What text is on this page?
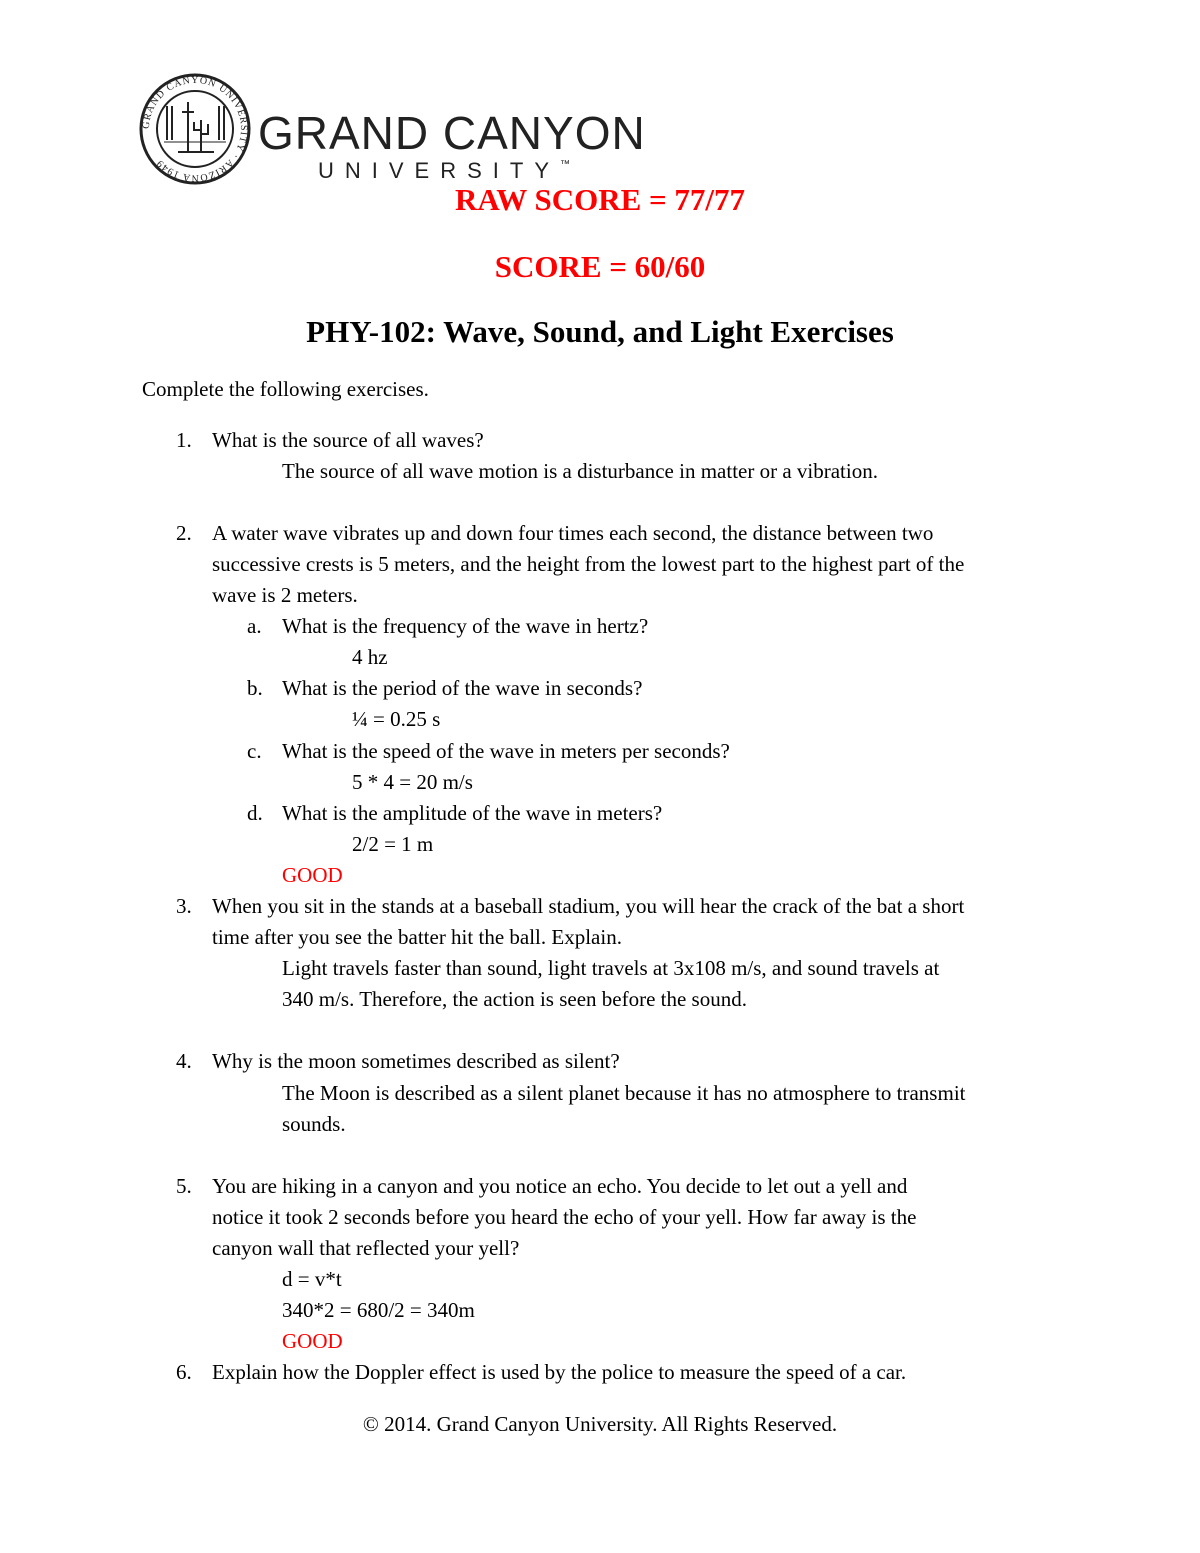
GRAND CANYON UNIVERSITY · ARIZONA 1949
GRAND CANYON
UNIVERSITY™
RAW SCORE = 77/77
SCORE = 60/60
PHY-102: Wave, Sound, and Light Exercises
Complete the following exercises.
1. What is the source of all waves?
The source of all wave motion is a disturbance in matter or a vibration.
2. A water wave vibrates up and down four times each second, the distance between two
successive crests is 5 meters, and the height from the lowest part to the highest part of the
wave is 2 meters.
a. What is the frequency of the wave in hertz?
4 hz
b. What is the period of the wave in seconds?
¼ = 0.25 s
c. What is the speed of the wave in meters per seconds?
5 * 4 = 20 m/s
d. What is the amplitude of the wave in meters?
2/2 = 1 m
GOOD
3. When you sit in the stands at a baseball stadium, you will hear the crack of the bat a short
time after you see the batter hit the ball. Explain.
Light travels faster than sound, light travels at 3x108 m/s, and sound travels at
340 m/s. Therefore, the action is seen before the sound.
4. Why is the moon sometimes described as silent?
The Moon is described as a silent planet because it has no atmosphere to transmit
sounds.
5. You are hiking in a canyon and you notice an echo. You decide to let out a yell and
notice it took 2 seconds before you heard the echo of your yell. How far away is the
canyon wall that reflected your yell?
d = v*t
340*2 = 680/2 = 340m
GOOD
6. Explain how the Doppler effect is used by the police to measure the speed of a car.
© 2014. Grand Canyon University. All Rights Reserved.
